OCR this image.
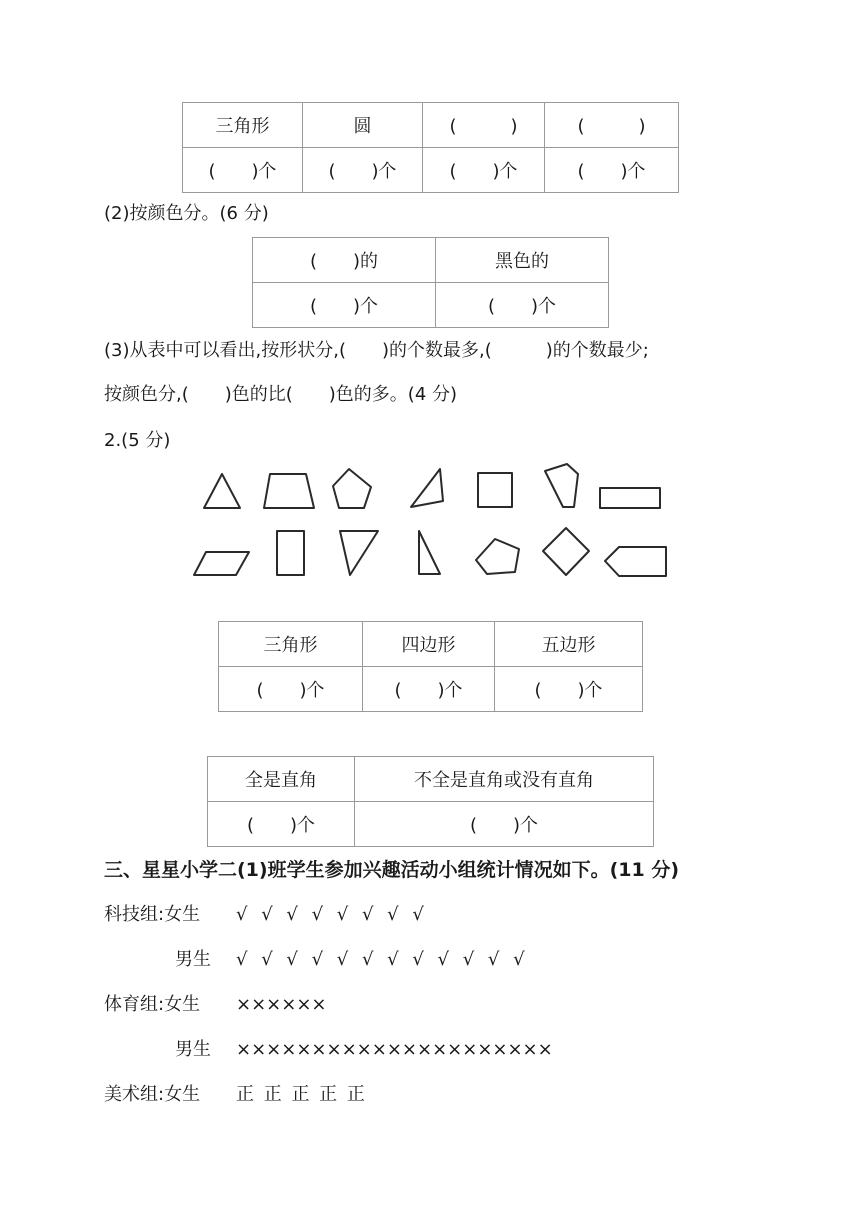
三角形	圆	(　　　)	(　　　)
(　　)个	(　　)个	(　　)个	(　　)个
(2)按颜色分。(6 分)
(　　)的	黑色的
(　　)个	(　　)个
(3)从表中可以看出,按形状分,(　　)的个数最多,(　　　)的个数最少;
按颜色分,(　　)色的比(　　)色的多。(4 分)
2.(5 分)
三角形	四边形	五边形
(　　)个	(　　)个	(　　)个
全是直角	不全是直角或没有直角
(　　)个	(　　)个
三、星星小学二(1)班学生参加兴趣活动小组统计情况如下。(11 分)
科技组:女生 √ √ √ √ √ √ √ √
男生 √ √ √ √ √ √ √ √ √ √ √ √
体育组:女生 ××××××
男生 ×××××××××××××××××××××
美术组:女生 正 正 正 正 正
